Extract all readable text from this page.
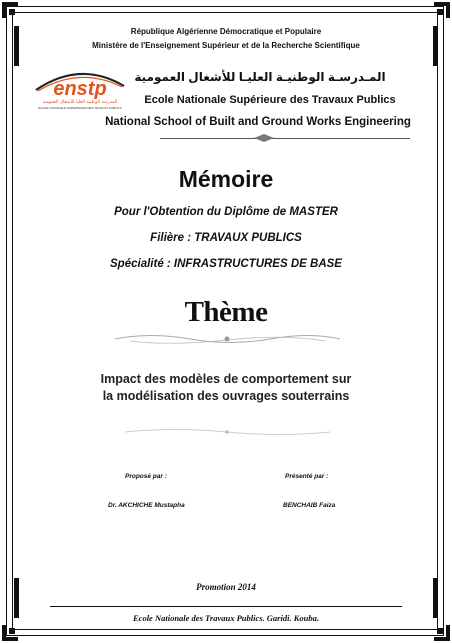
République Algérienne Démocratique et Populaire
Ministère de l'Enseignement Supérieur et de la Recherche Scientifique
enstp
المدرسة الوطنية العليا للأشغال العمومية
ECOLE NATIONALE SUPERIEURE DES TRAVAUX PUBLICS
المـدرسـة الوطنيـة العليـا للأشغال العمومية
Ecole Nationale Supérieure des Travaux Publics
National School of Built and Ground Works Engineering
Mémoire
Pour l'Obtention du Diplôme de MASTER
Filière : TRAVAUX PUBLICS
Spécialité : INFRASTRUCTURES DE BASE
Thème
Impact des modèles de comportement sur
la modélisation des ouvrages souterrains
Proposé par :	Présenté par :
Dr. AKCHICHE Mustapha	BENCHAIB Faiza
Promotion 2014
Ecole Nationale des Travaux Publics. Garidi. Kouba.
